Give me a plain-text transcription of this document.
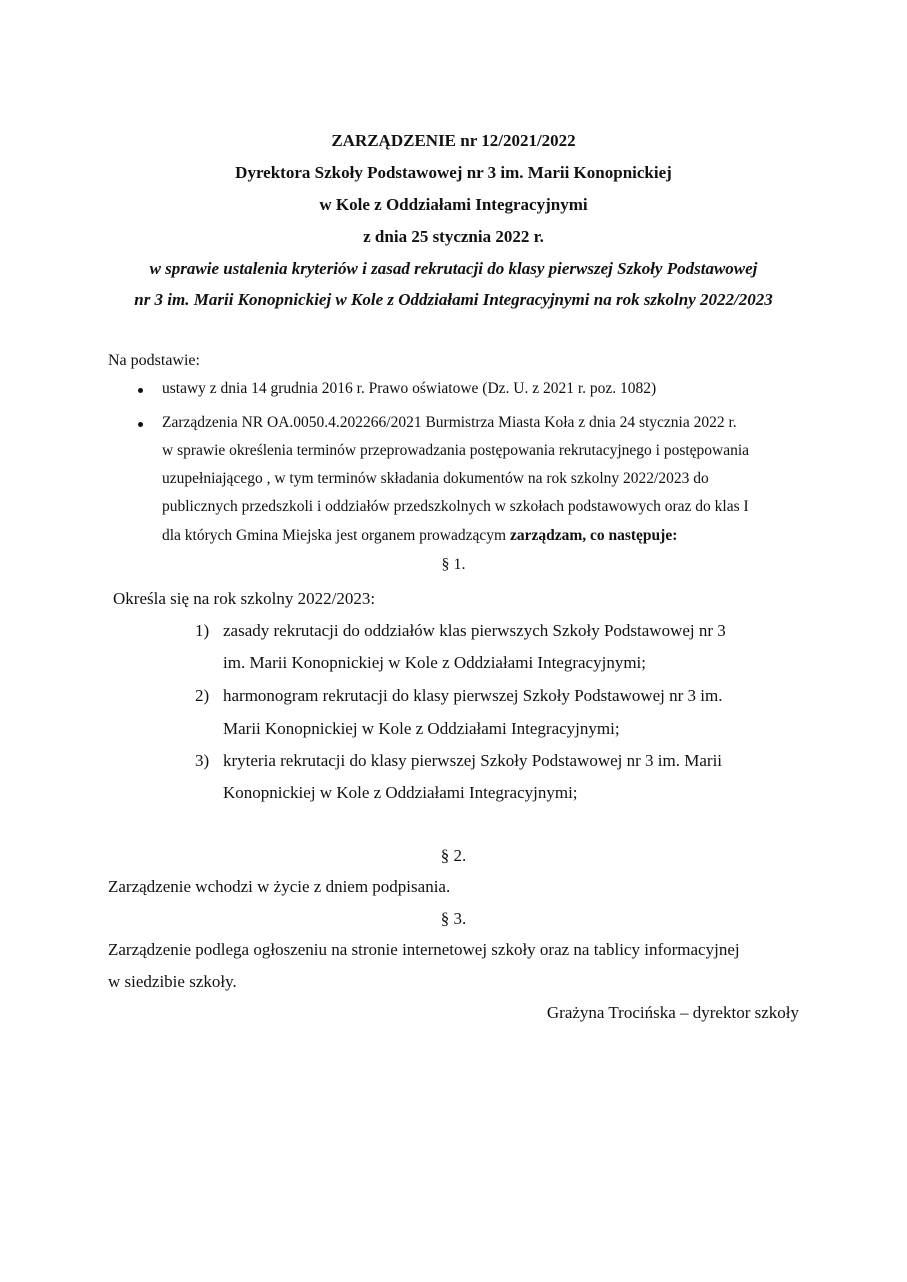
ZARZĄDZENIE nr 12/2021/2022
Dyrektora Szkoły Podstawowej nr 3 im. Marii Konopnickiej
w Kole z Oddziałami Integracyjnymi
z dnia 25 stycznia 2022 r.
w sprawie ustalenia kryteriów i zasad rekrutacji do klasy pierwszej Szkoły Podstawowej
nr 3 im. Marii Konopnickiej w Kole z Oddziałami Integracyjnymi na rok szkolny 2022/2023
Na podstawie:
ustawy z dnia 14 grudnia 2016 r. Prawo oświatowe (Dz. U. z 2021 r. poz. 1082)
Zarządzenia NR OA.0050.4.202266/2021 Burmistrza Miasta Koła z dnia 24 stycznia 2022 r.
w sprawie określenia terminów przeprowadzania postępowania rekrutacyjnego i postępowania
uzupełniającego , w tym terminów składania dokumentów na rok szkolny 2022/2023 do
publicznych przedszkoli i oddziałów przedszkolnych w szkołach podstawowych oraz do klas I
dla których Gmina Miejska jest organem prowadzącym zarządzam, co następuje:
§ 1.
Określa się na rok szkolny 2022/2023:
1) zasady rekrutacji do oddziałów klas pierwszych Szkoły Podstawowej nr 3
im. Marii Konopnickiej w Kole z Oddziałami Integracyjnymi;
2) harmonogram rekrutacji do klasy pierwszej Szkoły Podstawowej nr 3 im.
Marii Konopnickiej w Kole z Oddziałami Integracyjnymi;
3) kryteria rekrutacji do klasy pierwszej Szkoły Podstawowej nr 3 im. Marii
Konopnickiej w Kole z Oddziałami Integracyjnymi;
§ 2.
Zarządzenie wchodzi w życie z dniem podpisania.
§ 3.
Zarządzenie podlega ogłoszeniu na stronie internetowej szkoły oraz na tablicy informacyjnej
w siedzibie szkoły.
Grażyna Trocińska – dyrektor szkoły
